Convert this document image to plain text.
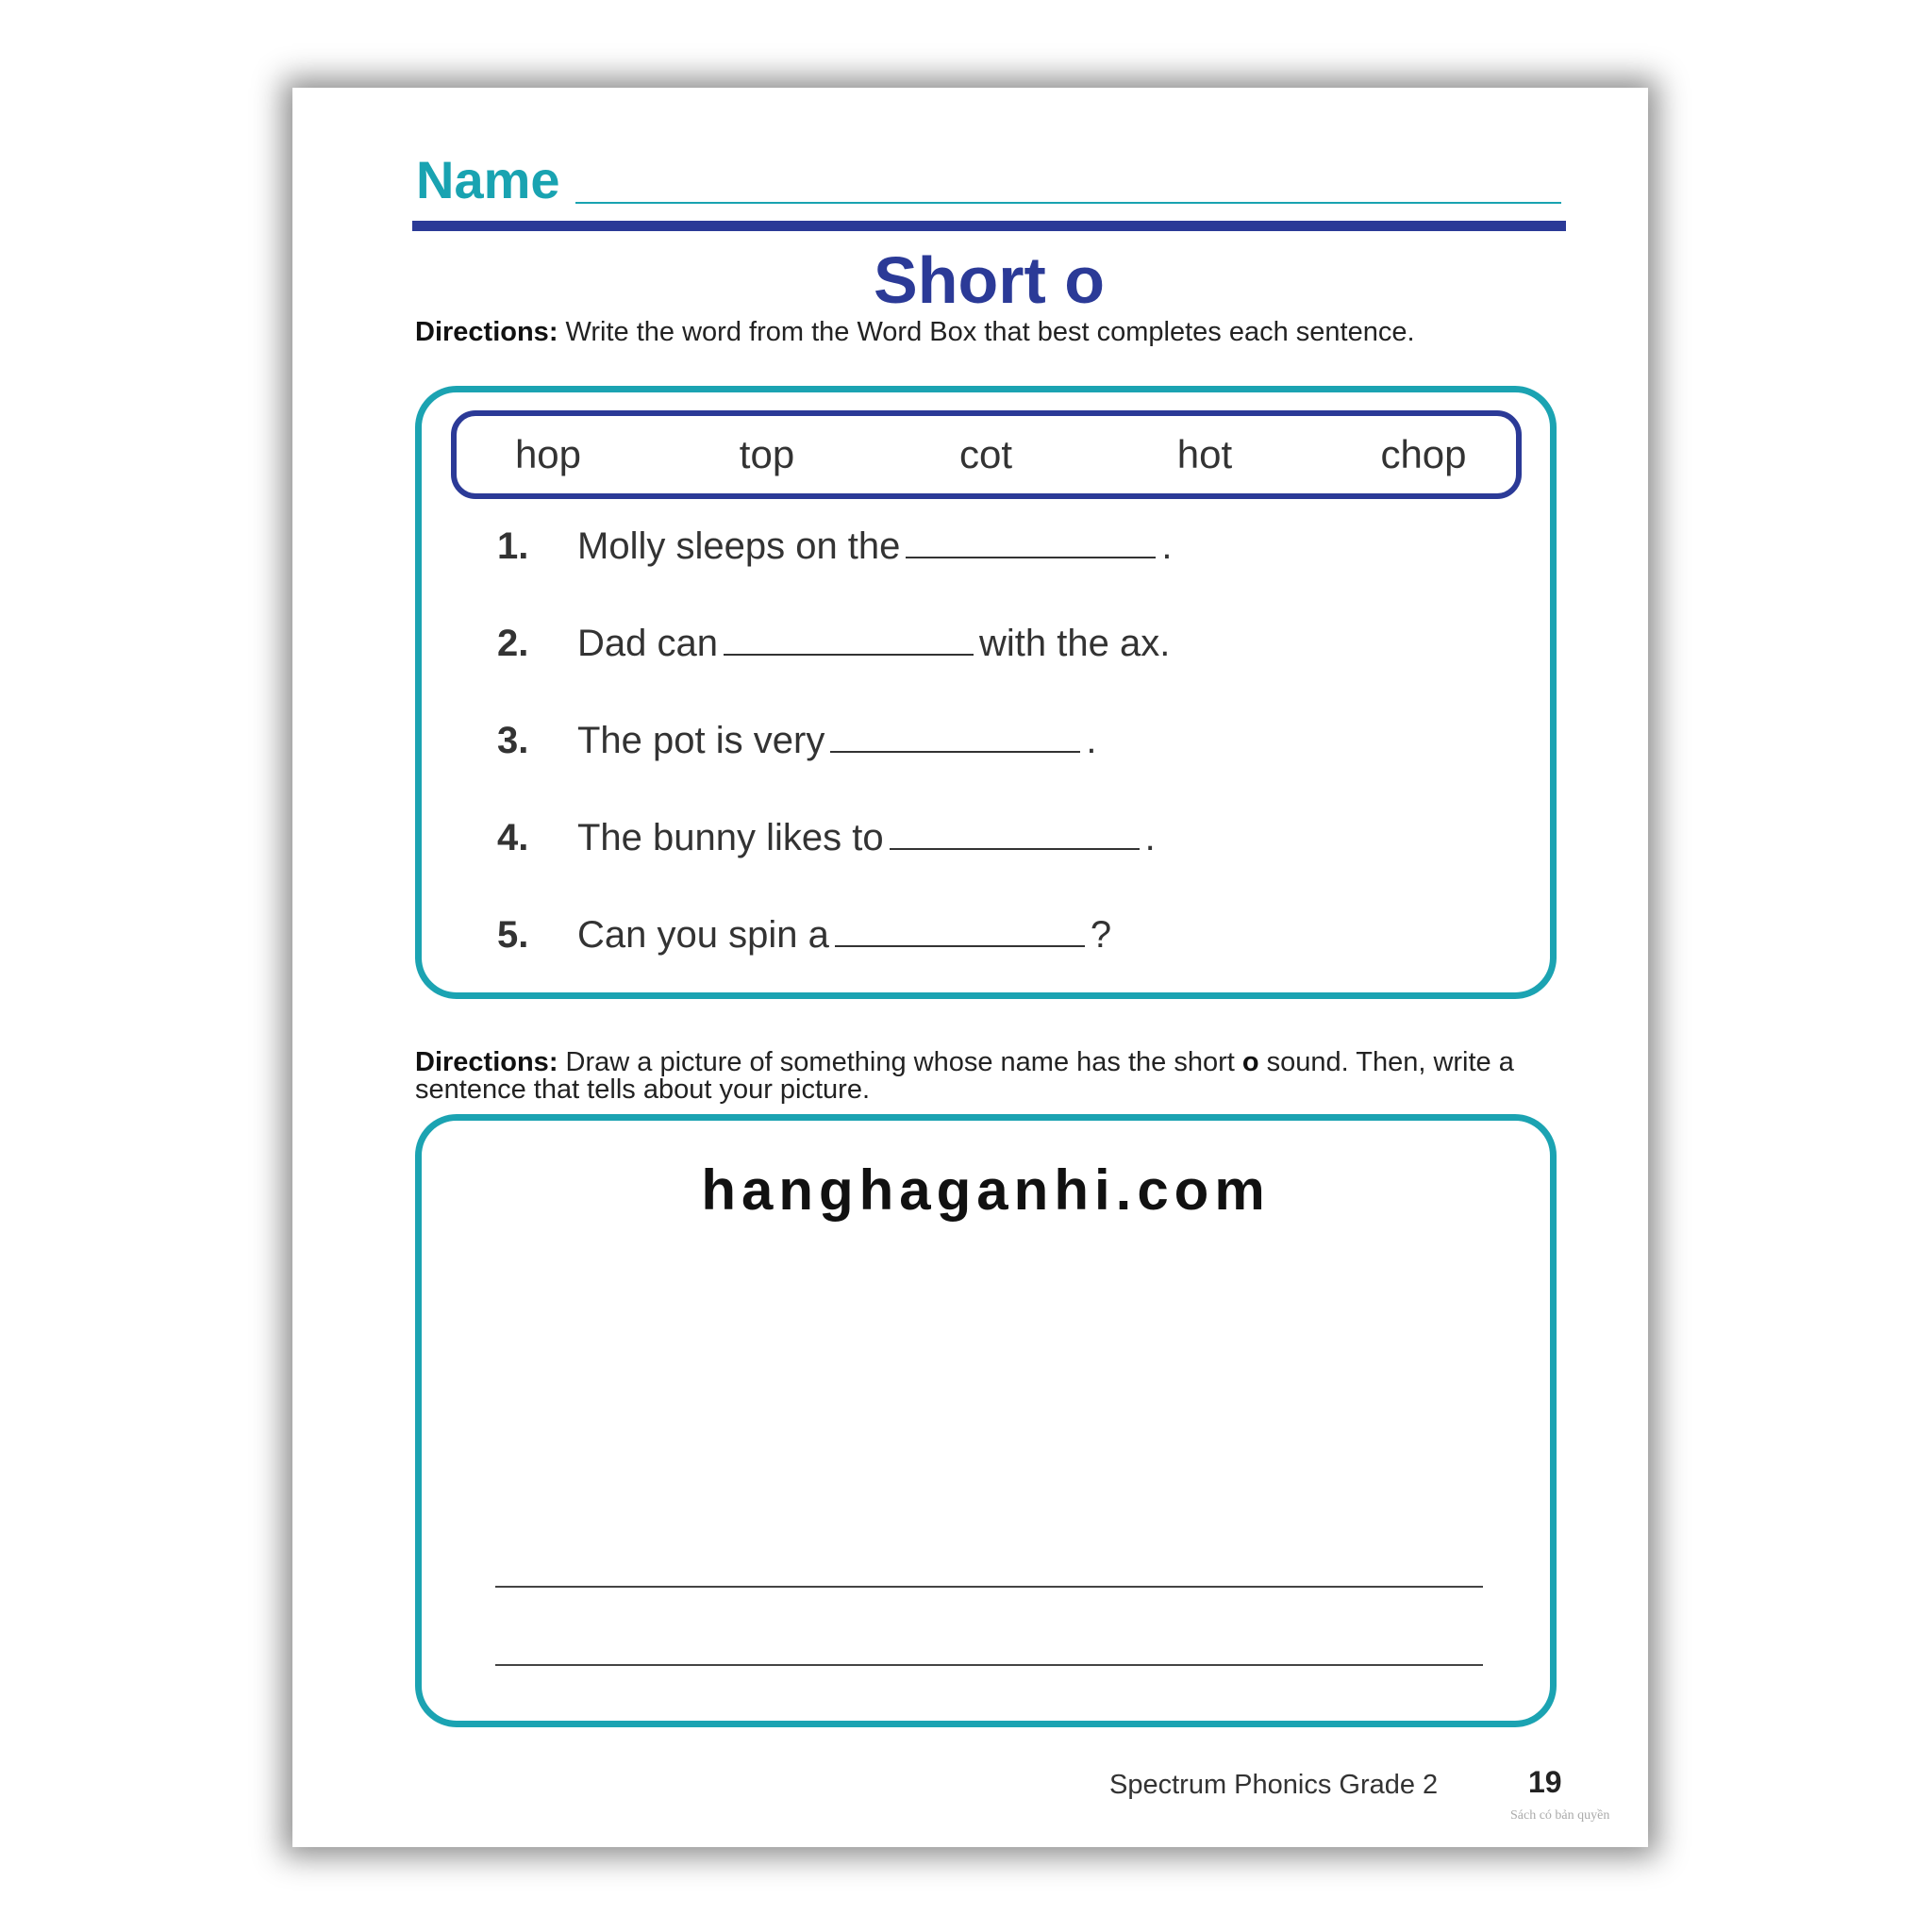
Name
Short o
Directions: Write the word from the Word Box that best completes each sentence.
hop	top	cot	hot	chop
1. Molly sleeps on the	.
2. Dad can	with the ax.
3. The pot is very	.
4. The bunny likes to	.
5. Can you spin a	?
Directions: Draw a picture of something whose name has the short o sound. Then, write a sentence that tells about your picture.
hanghaganhi.com
Spectrum Phonics Grade 2	19
Sách có bản quyền
